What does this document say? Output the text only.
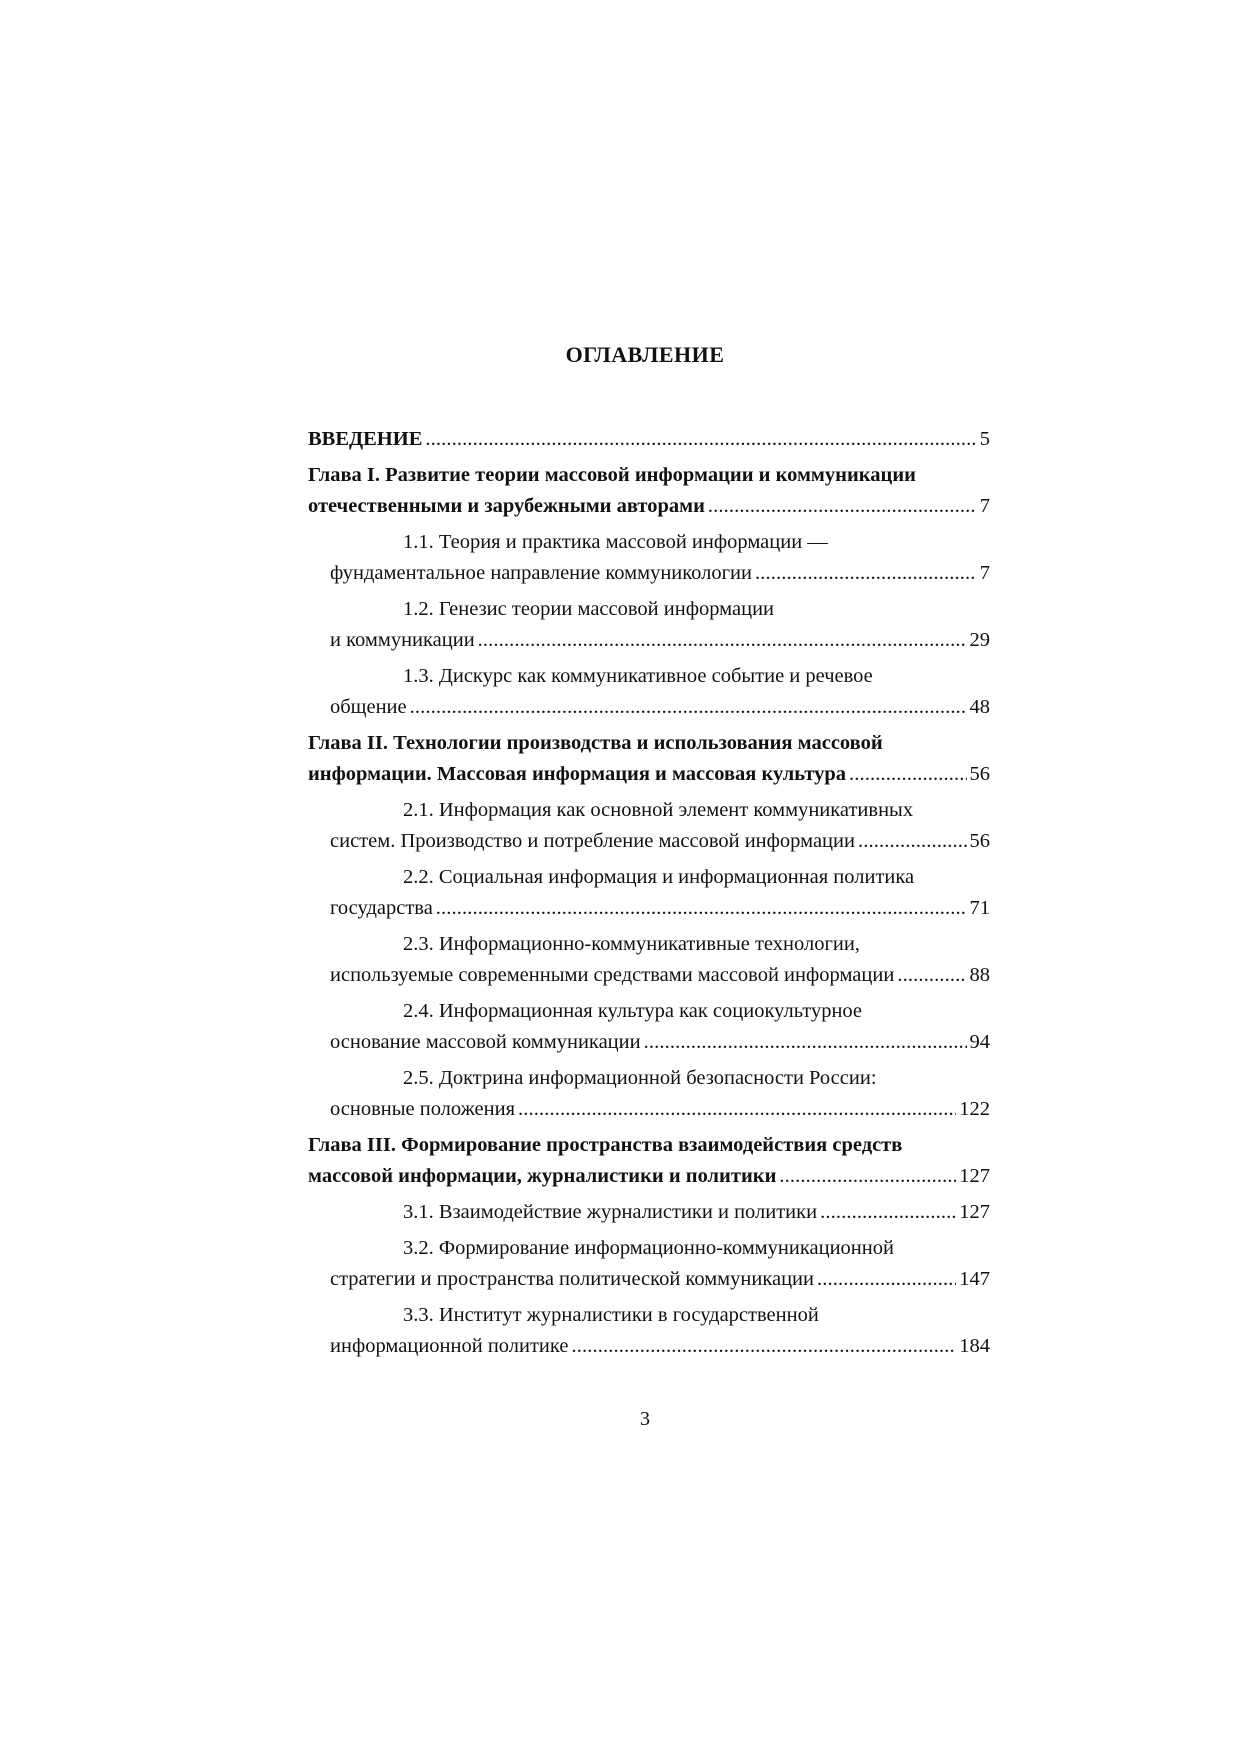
ОГЛАВЛЕНИЕ
ВВЕДЕНИЕ . . .	5
Глава I. Развитие теории массовой информации и коммуникации
отечественными и зарубежными авторами . . .	7
1.1. Теория и практика массовой информации —
фундаментальное направление коммуникологии . . .	7
1.2. Генезис теории массовой информации
и коммуникации . . .	29
1.3. Дискурс как коммуникативное событие и речевое
общение . . .	48
Глава II. Технологии производства и использования массовой
информации. Массовая информация и массовая культура . . .	56
2.1. Информация как основной элемент коммуникативных
систем. Производство и потребление массовой информации . . .	56
2.2. Социальная информация и информационная политика
государства . . .	71
2.3. Информационно-коммуникативные технологии,
используемые современными средствами массовой информации . . .	88
2.4. Информационная культура как социокультурное
основание массовой коммуникации . . .	94
2.5. Доктрина информационной безопасности России:
основные положения . . .	122
Глава III. Формирование пространства взаимодействия средств
массовой информации, журналистики и политики . . .	127
3.1. Взаимодействие журналистики и политики . . .	127
3.2. Формирование информационно-коммуникационной
стратегии и пространства политической коммуникации . . .	147
3.3. Институт журналистики в государственной
информационной политике . . .	184
3
